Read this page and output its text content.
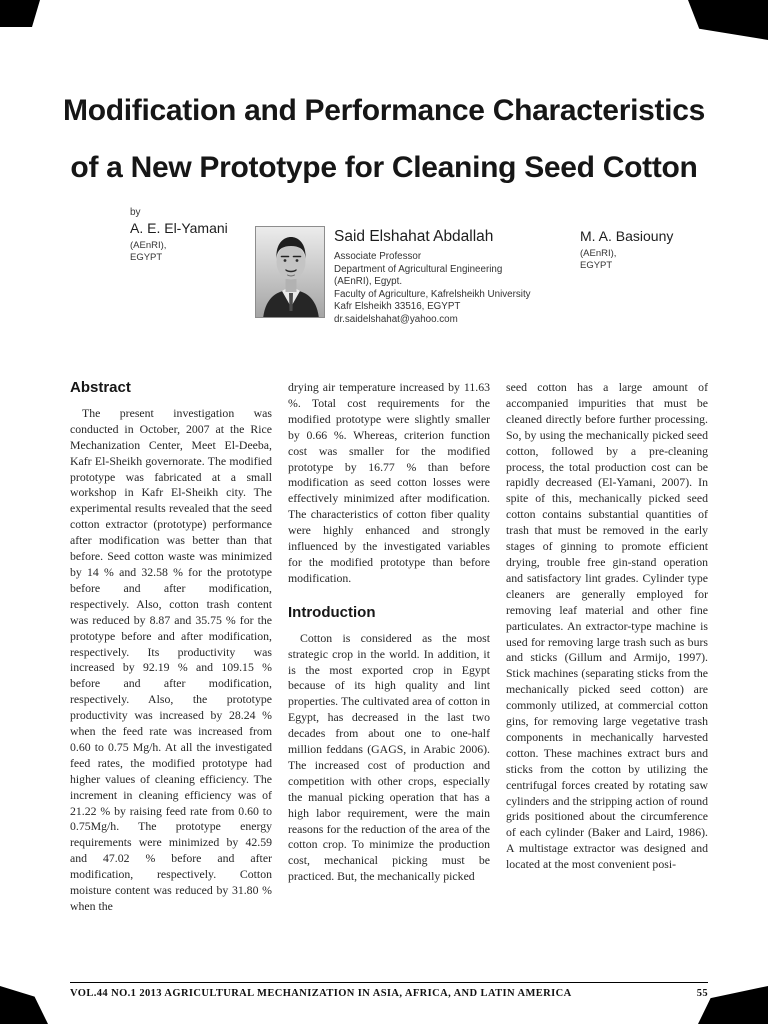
Modification and Performance Characteristics
of a New Prototype for Cleaning Seed Cotton
by
A. E. El-Yamani
(AEnRI),
EGYPT
Said Elshahat Abdallah
Associate Professor
Department of Agricultural Engineering
(AEnRI), Egypt.
Faculty of Agriculture, Kafrelsheikh University
Kafr Elsheikh 33516, EGYPT
dr.saidelshahat@yahoo.com
M. A. Basiouny
(AEnRI),
EGYPT
Abstract

The present investigation was conducted in October, 2007 at the Rice Mechanization Center, Meet El-Deeba, Kafr El-Sheikh governorate. The modified prototype was fabricated at a small workshop in Kafr El-Sheikh city. The experimental results revealed that the seed cotton extractor (prototype) performance after modification was better than that before. Seed cotton waste was minimized by 14 % and 32.58 % for the prototype before and after modification, respectively. Also, cotton trash content was reduced by 8.87 and 35.75 % for the prototype before and after modification, respectively. Its productivity was increased by 92.19 % and 109.15 % before and after modification, respectively. Also, the prototype productivity was increased by 28.24 % when the feed rate was increased from 0.60 to 0.75 Mg/h. At all the investigated feed rates, the modified prototype had higher values of cleaning efficiency. The increment in cleaning efficiency was of 21.22 % by raising feed rate from 0.60 to 0.75Mg/h. The prototype energy requirements were minimized by 42.59 and 47.02 % before and after modification, respectively. Cotton moisture content was reduced by 31.80 % when the

drying air temperature increased by 11.63 %. Total cost requirements for the modified prototype were slightly smaller by 0.66 %. Whereas, criterion function cost was smaller for the modified prototype by 16.77 % than before modification as seed cotton losses were effectively minimized after modification. The characteristics of cotton fiber quality were highly enhanced and strongly influenced by the investigated variables for the modified prototype than before modification.

Introduction

Cotton is considered as the most strategic crop in the world. In addition, it is the most exported crop in Egypt because of its high quality and lint properties. The cultivated area of cotton in Egypt, has decreased in the last two decades from about one to one-half million feddans (GAGS, in Arabic 2006). The increased cost of production and competition with other crops, especially the manual picking operation that has a high labor requirement, were the main reasons for the reduction of the area of the cotton crop. To minimize the production cost, mechanical picking must be practiced. But, the mechanically picked

seed cotton has a large amount of accompanied impurities that must be cleaned directly before further processing. So, by using the mechanically picked seed cotton, followed by a pre-cleaning process, the total production cost can be rapidly decreased (El-Yamani, 2007). In spite of this, mechanically picked seed cotton contains substantial quantities of trash that must be removed in the early stages of ginning to promote efficient drying, trouble free gin-stand operation and satisfactory lint grades. Cylinder type cleaners are generally employed for removing leaf material and other fine particulates. An extractor-type machine is used for removing large trash such as burs and sticks (Gillum and Armijo, 1997). Stick machines (separating sticks from the mechanically picked seed cotton) are commonly utilized, at commercial cotton gins, for removing large vegetative trash components in mechanically harvested cotton. These machines extract burs and sticks from the cotton by utilizing the centrifugal forces created by rotating saw cylinders and the stripping action of round grids positioned about the circumference of each cylinder (Baker and Laird, 1986). A multistage extractor was designed and located at the most convenient posi-

VOL.44 NO.1 2013 AGRICULTURAL MECHANIZATION IN ASIA, AFRICA, AND LATIN AMERICA	55
